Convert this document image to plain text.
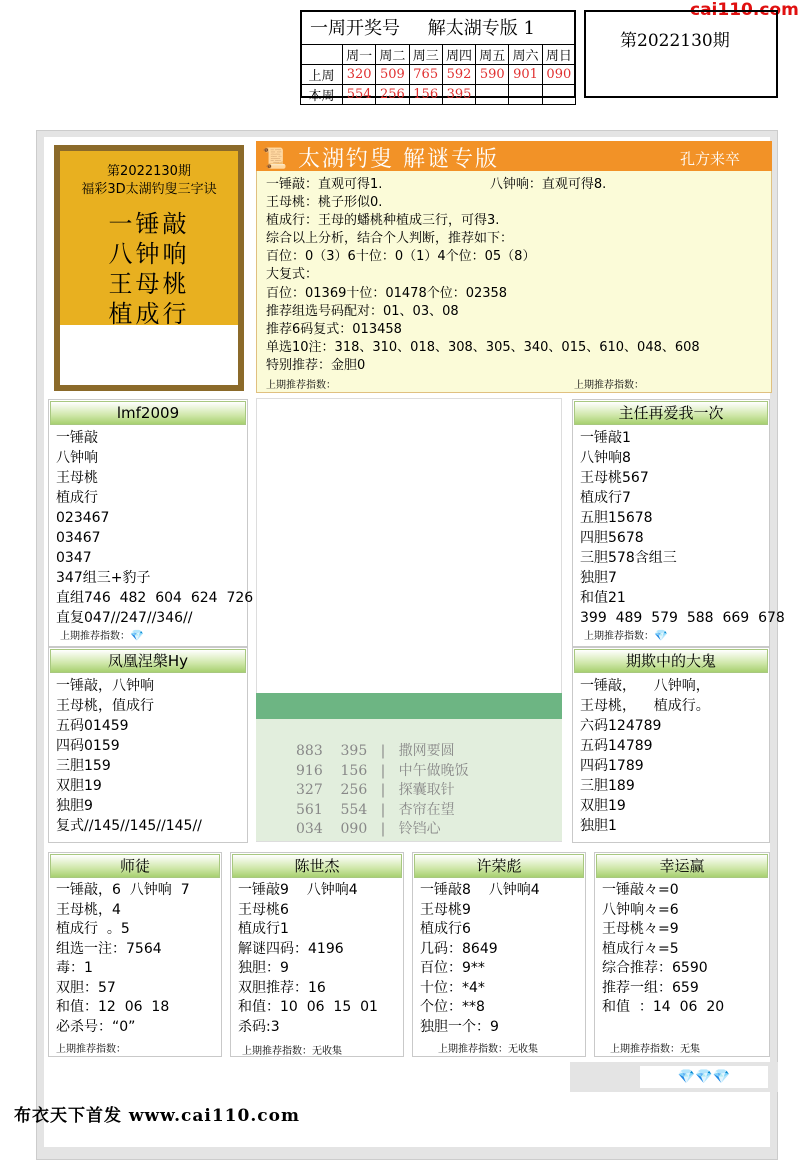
cai110.com
一周开奖号 解太湖专版 1
	周一	周二	周三	周四	周五	周六	周日
上周	320	509	765	592	590	901	090
本周	554	256	156	395			
第2022130期
第2022130期
福彩3D太湖钓叟三字诀
一锤敲
八钟响
王母桃
植成行
📜 太湖钓叟 解谜专版	孔方来卒
一锤敲：直观可得1.                          八钟响：直观可得8.
王母桃：桃子形似0.
植成行：王母的蟠桃种植成三行，可得3.
综合以上分析，结合个人判断，推荐如下：
百位：0（3）6十位：0（1）4个位：05（8）
大复式：
百位：01369十位：01478个位：02358
推荐组选号码配对：01、03、08
推荐6码复式：013458
单选10注：318、310、018、308、305、340、015、610、048、608
特别推荐：金胆0
上期推荐指数：	上期推荐指数：
883    395   |   撒网要圆
916    156   |   中午做晚饭
327    256   |   探囊取针
561    554   |   杏帘在望
034    090   |   铃铛心
lmf2009
一锤敲
八钟响
王母桃
植成行
023467
03467
0347
347组三+豹子
直组746  482  604  624  726
直复047//247//346//
上期推荐指数：💎
主任再爱我一次
一锤敲1
八钟响8
王母桃567
植成行7
五胆15678
四胆5678
三胆578含组三
独胆7
和值21
399  489  579  588  669  678
上期推荐指数：💎
凤凰涅槃Hy
一锤敲，八钟响
王母桃，值成行
五码01459
四码0159
三胆159
双胆19
独胆9
复式//145//145//145//
期欺中的大鬼
一锤敲，    八钟响，
王母桃，    植成行。
六码124789
五码14789
四码1789
三胆189
双胆19
独胆1
师徒
一锤敲，6  八钟响  7
王母桃，4
植成行  。5
组选一注：7564
毒：1
双胆：57
和值：12  06  18
必杀号：“0”
上期推荐指数：
陈世杰
一锤敲9    八钟响4
王母桃6
植成行1
解谜四码：4196
独胆：9
双胆推荐：16
和值：10  06  15  01
杀码:3
上期推荐指数：无收集
许荣彪
一锤敲8    八钟响4
王母桃9
植成行6
几码：8649
百位：9**
十位：*4*
个位：**8
独胆一个：9
上期推荐指数：无收集
幸运赢
一锤敲々=0
八钟响々=6
王母桃々=9
植成行々=5
综合推荐：6590
推荐一组：659
和值  ：14  06  20
上期推荐指数：无集
💎💎💎
布衣天下首发 www.cai110.com
